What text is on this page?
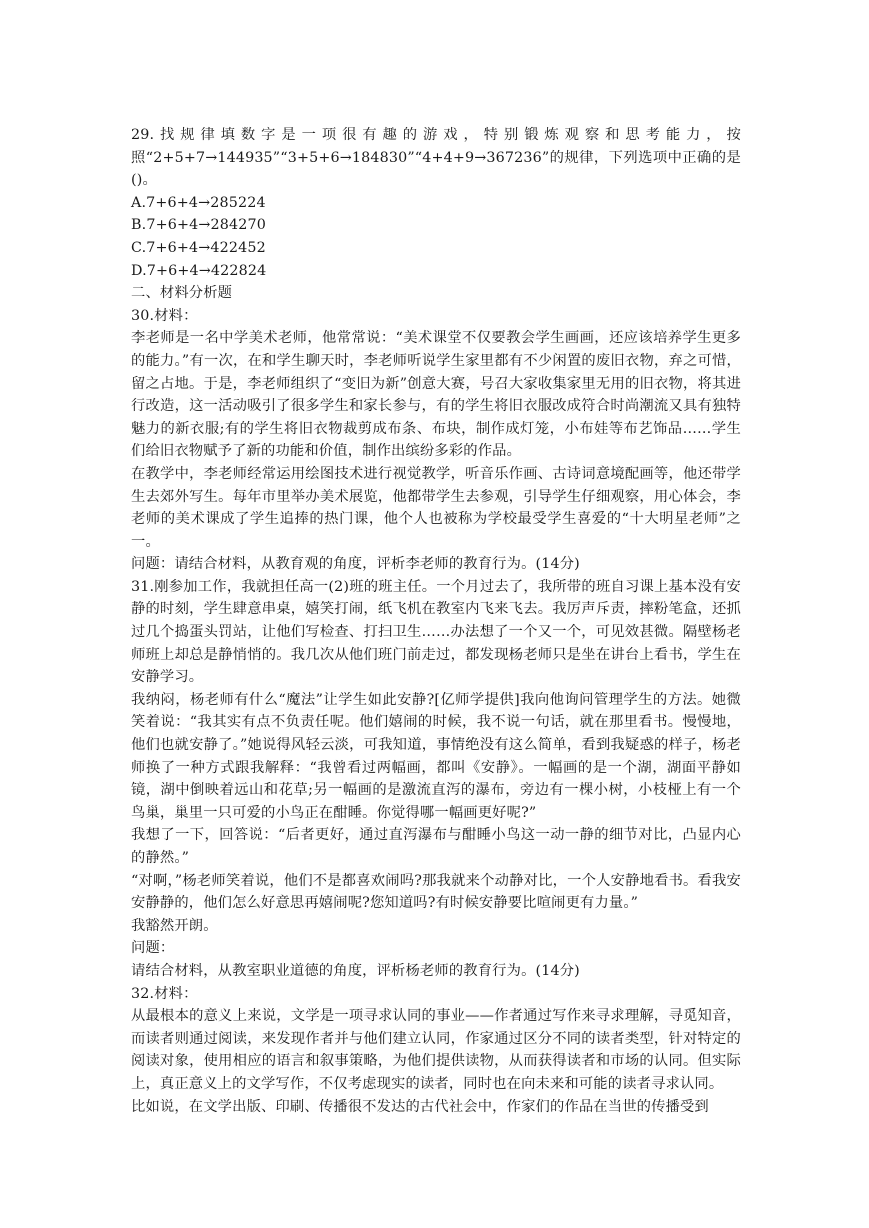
29.找规律填数字是一项很有趣的游戏，特别锻炼观察和思考能力，按照“2+5+7→144935”“3+5+6→184830”“4+4+9→367236”的规律，下列选项中正确的是()。

A.7+6+4→285224

B.7+6+4→284270

C.7+6+4→422452

D.7+6+4→422824

二、材料分析题

30.材料：

李老师是一名中学美术老师，他常常说：“美术课堂不仅要教会学生画画，还应该培养学生更多的能力。”有一次，在和学生聊天时，李老师听说学生家里都有不少闲置的废旧衣物，弃之可惜，留之占地。于是，李老师组织了“变旧为新”创意大赛，号召大家收集家里无用的旧衣物，将其进行改造，这一活动吸引了很多学生和家长参与，有的学生将旧衣服改成符合时尚潮流又具有独特魅力的新衣服;有的学生将旧衣物裁剪成布条、布块，制作成灯笼，小布娃等布艺饰品……学生们给旧衣物赋予了新的功能和价值，制作出缤纷多彩的作品。

在教学中，李老师经常运用绘图技术进行视觉教学，听音乐作画、古诗词意境配画等，他还带学生去郊外写生。每年市里举办美术展览，他都带学生去参观，引导学生仔细观察，用心体会，李老师的美术课成了学生追捧的热门课，他个人也被称为学校最受学生喜爱的“十大明星老师”之一。

问题：请结合材料，从教育观的角度，评析李老师的教育行为。(14分)

31.刚参加工作，我就担任高一(2)班的班主任。一个月过去了，我所带的班自习课上基本没有安静的时刻，学生肆意串桌，嬉笑打闹，纸飞机在教室内飞来飞去。我厉声斥责，摔粉笔盒，还抓过几个捣蛋头罚站，让他们写检查、打扫卫生……办法想了一个又一个，可见效甚微。隔壁杨老师班上却总是静悄悄的。我几次从他们班门前走过，都发现杨老师只是坐在讲台上看书，学生在安静学习。

我纳闷，杨老师有什么“魔法”让学生如此安静?[亿师学提供]我向他询问管理学生的方法。她微笑着说：“我其实有点不负责任呢。他们嬉闹的时候，我不说一句话，就在那里看书。慢慢地，他们也就安静了。”她说得风轻云淡，可我知道，事情绝没有这么简单，看到我疑惑的样子，杨老师换了一种方式跟我解释：“我曾看过两幅画，都叫《安静》。一幅画的是一个湖，湖面平静如镜，湖中倒映着远山和花草;另一幅画的是激流直泻的瀑布，旁边有一棵小树，小枝桠上有一个鸟巢，巢里一只可爱的小鸟正在酣睡。你觉得哪一幅画更好呢?”

我想了一下，回答说：“后者更好，通过直泻瀑布与酣睡小鸟这一动一静的细节对比，凸显内心的静然。”

“对啊，”杨老师笑着说，他们不是都喜欢闹吗?那我就来个动静对比，一个人安静地看书。看我安安静静的，他们怎么好意思再嬉闹呢?您知道吗?有时候安静要比喧闹更有力量。”

我豁然开朗。

问题：

请结合材料，从教室职业道德的角度，评析杨老师的教育行为。(14分)

32.材料：

从最根本的意义上来说，文学是一项寻求认同的事业——作者通过写作来寻求理解，寻觅知音，而读者则通过阅读，来发现作者并与他们建立认同，作家通过区分不同的读者类型，针对特定的阅读对象，使用相应的语言和叙事策略，为他们提供读物，从而获得读者和市场的认同。但实际上，真正意义上的文学写作，不仅考虑现实的读者，同时也在向未来和可能的读者寻求认同。

比如说，在文学出版、印刷、传播很不发达的古代社会中，作家们的作品在当世的传播受到
